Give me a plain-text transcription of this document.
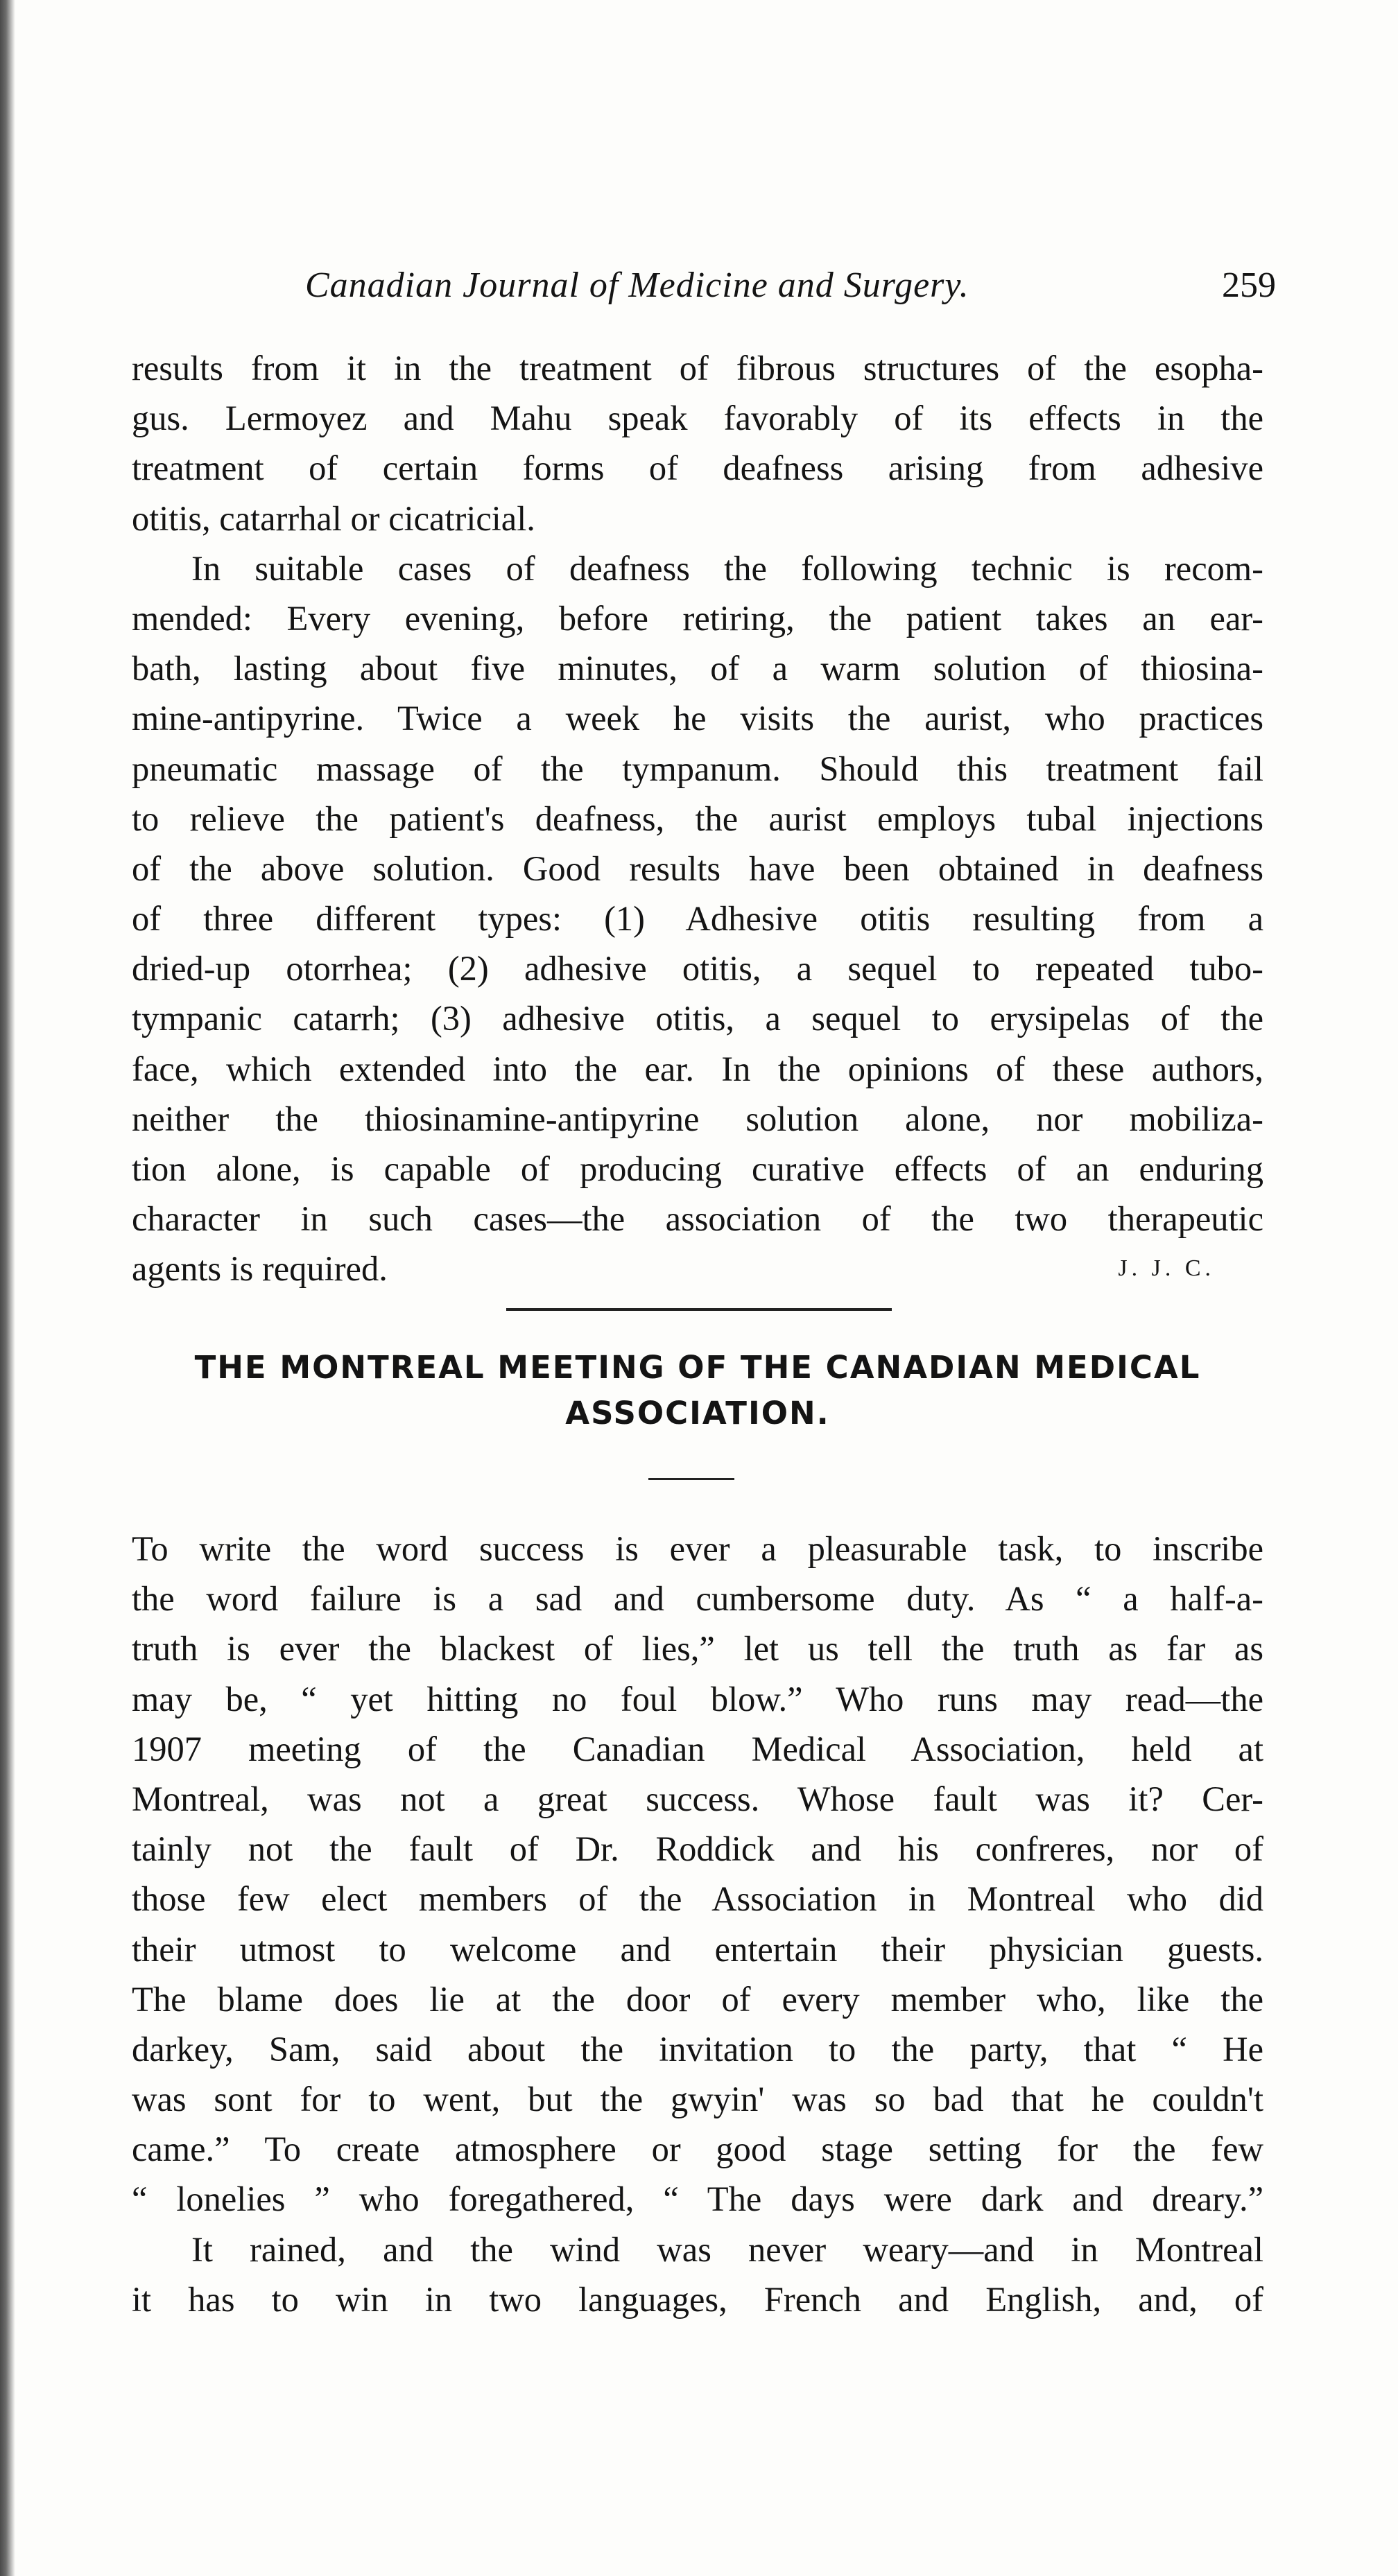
Canadian Journal of Medicine and Surgery.	259
results from it in the treatment of fibrous structures of the esopha-
gus. Lermoyez and Mahu speak favorably of its effects in the
treatment of certain forms of deafness arising from adhesive
otitis, catarrhal or cicatricial.
In suitable cases of deafness the following technic is recom-
mended: Every evening, before retiring, the patient takes an ear-
bath, lasting about five minutes, of a warm solution of thiosina-
mine-antipyrine. Twice a week he visits the aurist, who practices
pneumatic massage of the tympanum. Should this treatment fail
to relieve the patient's deafness, the aurist employs tubal injections
of the above solution. Good results have been obtained in deafness
of three different types: (1) Adhesive otitis resulting from a
dried-up otorrhea; (2) adhesive otitis, a sequel to repeated tubo-
tympanic catarrh; (3) adhesive otitis, a sequel to erysipelas of the
face, which extended into the ear. In the opinions of these authors,
neither the thiosinamine-antipyrine solution alone, nor mobiliza-
tion alone, is capable of producing curative effects of an enduring
character in such cases—the association of the two therapeutic
agents is required.	J. J. C.
THE MONTREAL MEETING OF THE CANADIAN MEDICAL
ASSOCIATION.
To write the word success is ever a pleasurable task, to inscribe
the word failure is a sad and cumbersome duty. As “ a half-a-
truth is ever the blackest of lies,” let us tell the truth as far as
may be, “ yet hitting no foul blow.” Who runs may read—the
1907 meeting of the Canadian Medical Association, held at
Montreal, was not a great success. Whose fault was it? Cer-
tainly not the fault of Dr. Roddick and his confreres, nor of
those few elect members of the Association in Montreal who did
their utmost to welcome and entertain their physician guests.
The blame does lie at the door of every member who, like the
darkey, Sam, said about the invitation to the party, that “ He
was sont for to went, but the gwyin' was so bad that he couldn't
came.” To create atmosphere or good stage setting for the few
“ lonelies ” who foregathered, “ The days were dark and dreary.”
It rained, and the wind was never weary—and in Montreal
it has to win in two languages, French and English, and, of
